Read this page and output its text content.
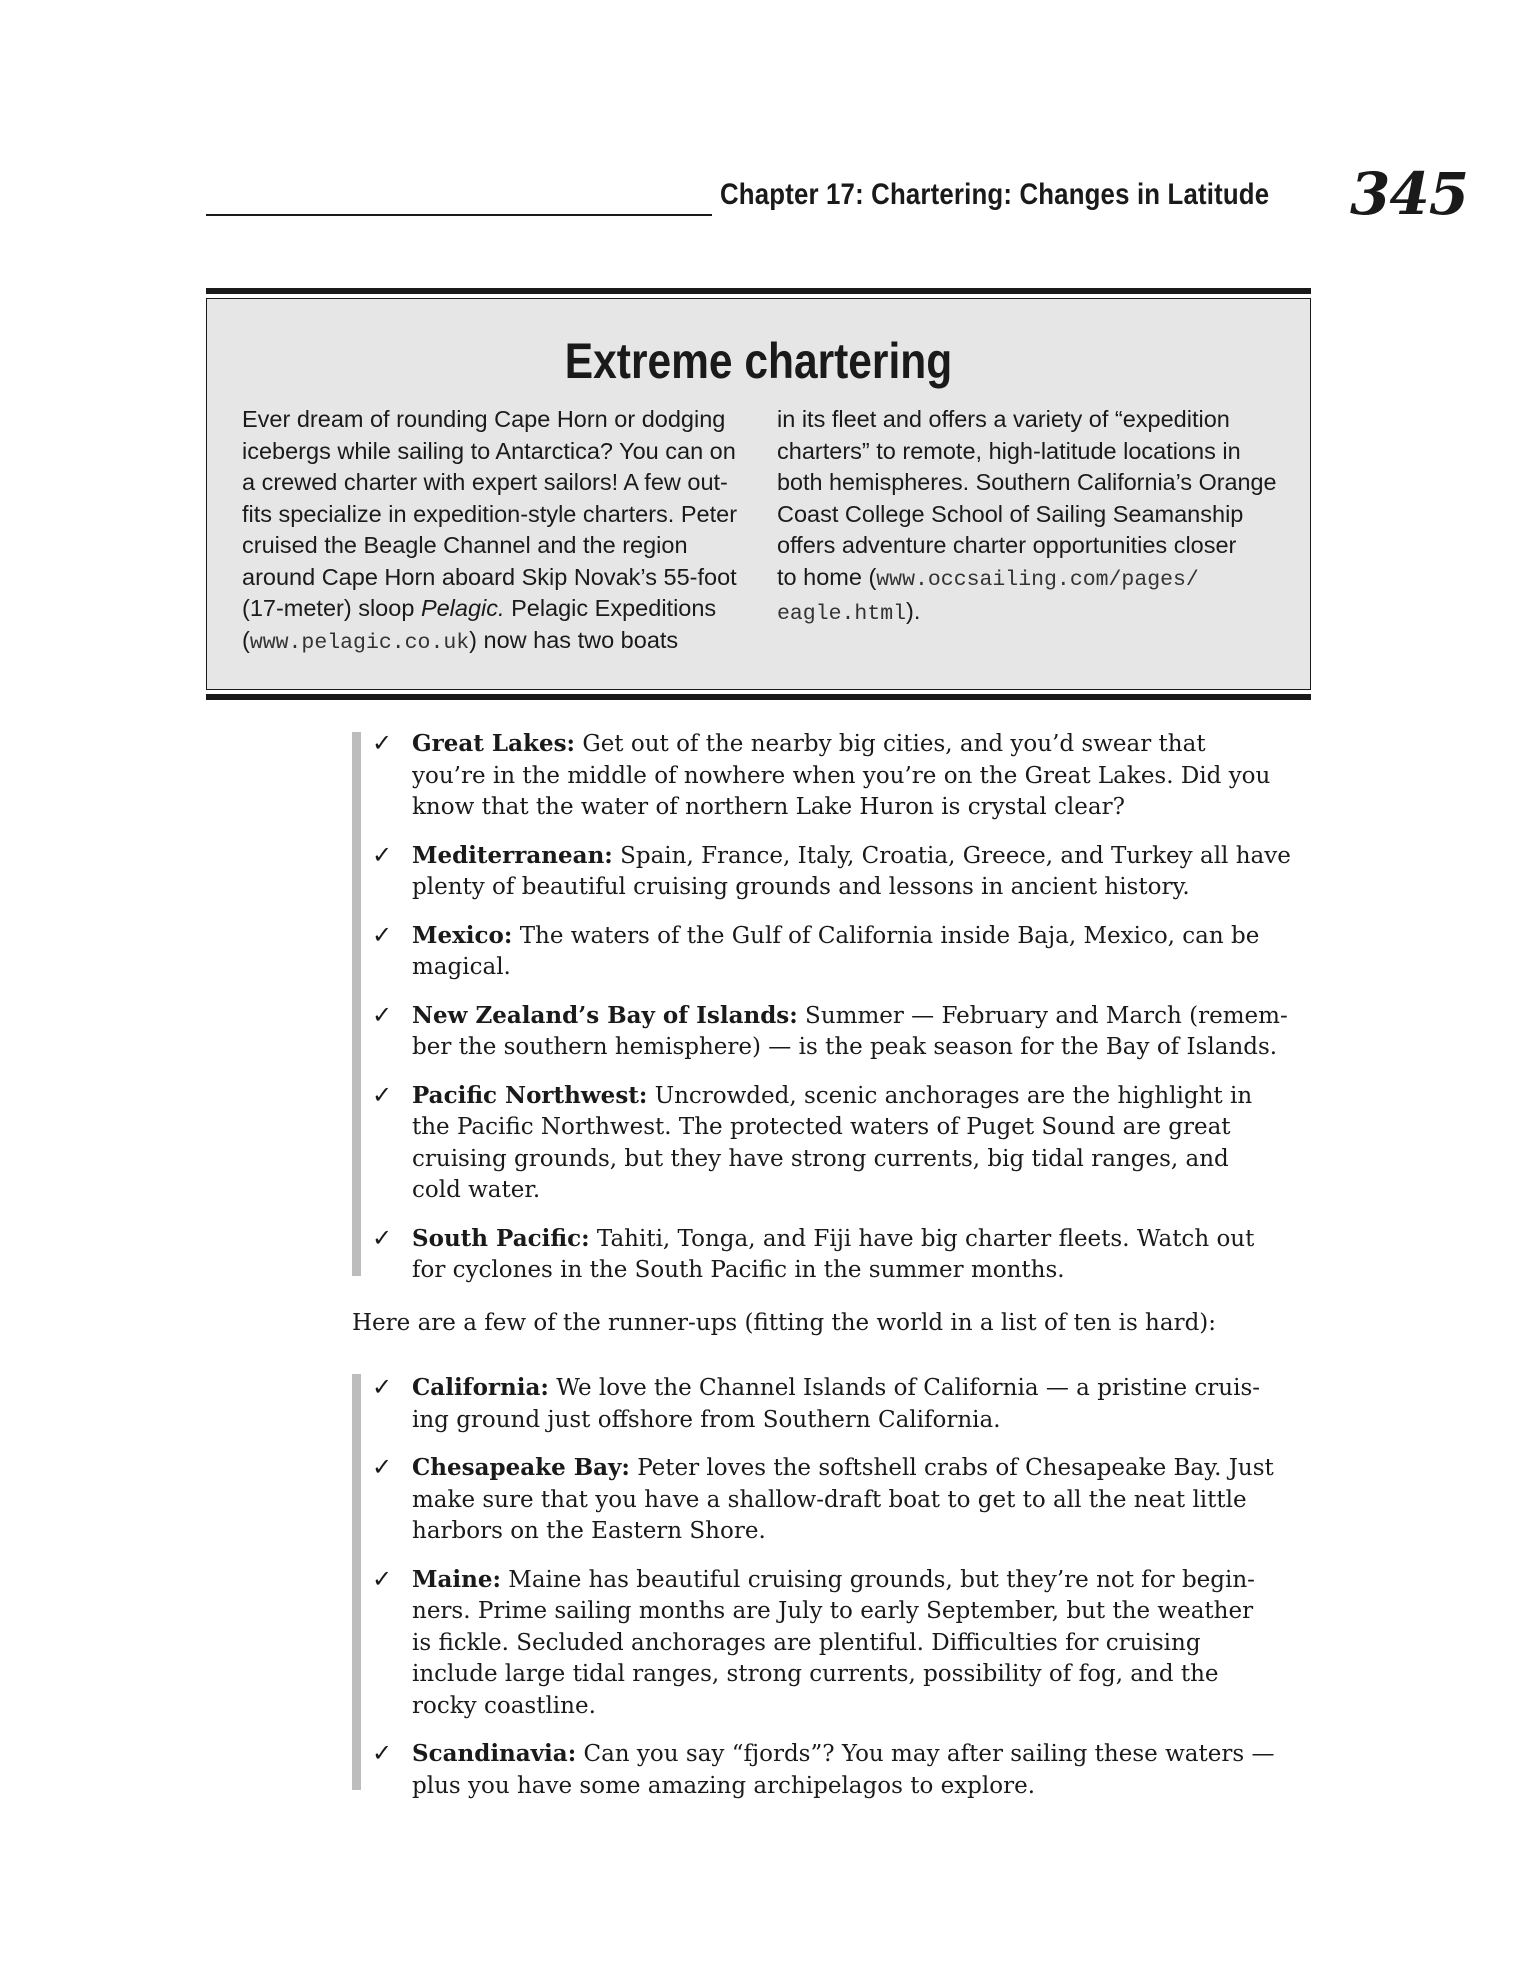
Chapter 17: Chartering: Changes in Latitude 345
Extreme chartering
Ever dream of rounding Cape Horn or dodging
icebergs while sailing to Antarctica? You can on
a crewed charter with expert sailors! A few out-
fits specialize in expedition-style charters. Peter
cruised the Beagle Channel and the region
around Cape Horn aboard Skip Novak’s 55-foot
(17-meter) sloop Pelagic. Pelagic Expeditions
(www.pelagic.co.uk) now has two boats
in its fleet and offers a variety of “expedition
charters” to remote, high-latitude locations in
both hemispheres. Southern California’s Orange
Coast College School of Sailing Seamanship
offers adventure charter opportunities closer
to home (www.occsailing.com/pages/
eagle.html).
✓ Great Lakes: Get out of the nearby big cities, and you’d swear that
you’re in the middle of nowhere when you’re on the Great Lakes. Did you
know that the water of northern Lake Huron is crystal clear?
✓ Mediterranean: Spain, France, Italy, Croatia, Greece, and Turkey all have
plenty of beautiful cruising grounds and lessons in ancient history.
✓ Mexico: The waters of the Gulf of California inside Baja, Mexico, can be
magical.
✓ New Zealand’s Bay of Islands: Summer — February and March (remem-
ber the southern hemisphere) — is the peak season for the Bay of Islands.
✓ Pacific Northwest: Uncrowded, scenic anchorages are the highlight in
the Pacific Northwest. The protected waters of Puget Sound are great
cruising grounds, but they have strong currents, big tidal ranges, and
cold water.
✓ South Pacific: Tahiti, Tonga, and Fiji have big charter fleets. Watch out
for cyclones in the South Pacific in the summer months.
Here are a few of the runner-ups (fitting the world in a list of ten is hard):
✓ California: We love the Channel Islands of California — a pristine cruis-
ing ground just offshore from Southern California.
✓ Chesapeake Bay: Peter loves the softshell crabs of Chesapeake Bay. Just
make sure that you have a shallow-draft boat to get to all the neat little
harbors on the Eastern Shore.
✓ Maine: Maine has beautiful cruising grounds, but they’re not for begin-
ners. Prime sailing months are July to early September, but the weather
is fickle. Secluded anchorages are plentiful. Difficulties for cruising
include large tidal ranges, strong currents, possibility of fog, and the
rocky coastline.
✓ Scandinavia: Can you say “fjords”? You may after sailing these waters —
plus you have some amazing archipelagos to explore.
